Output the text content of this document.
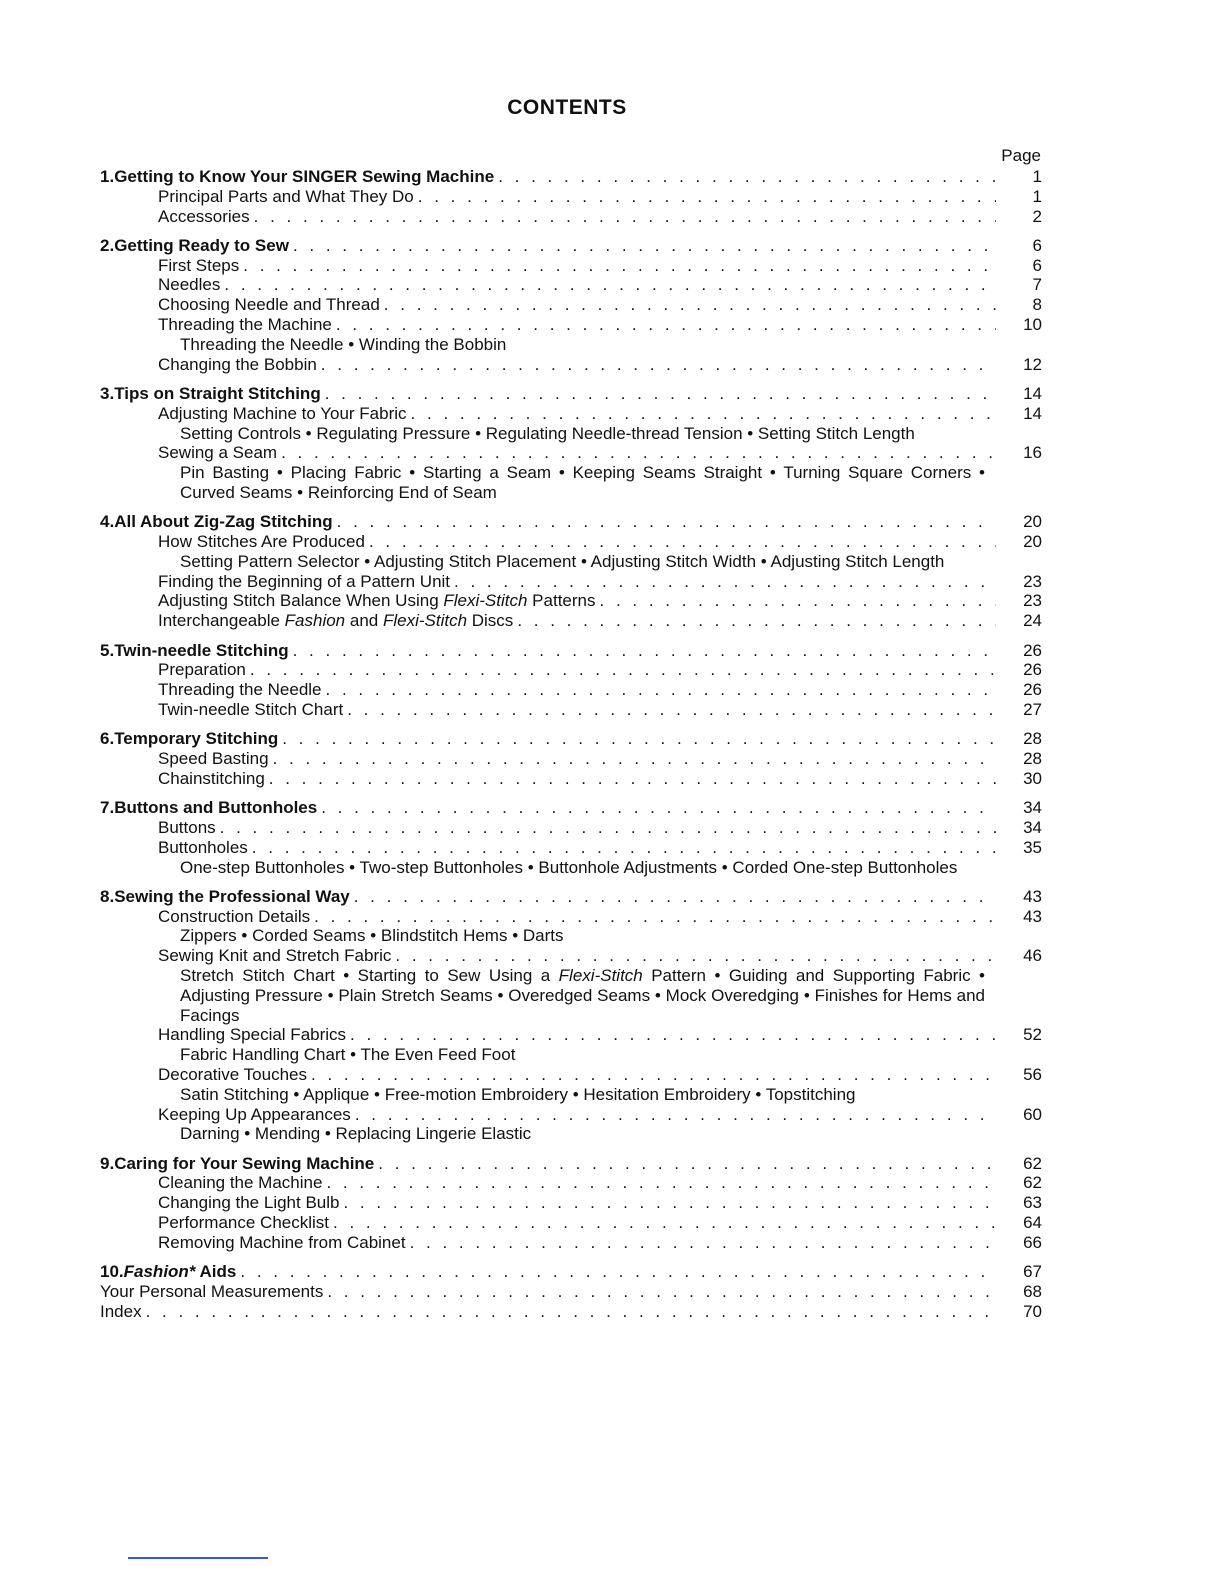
CONTENTS
Page
1. Getting to Know Your SINGER Sewing Machine . . .	1
Principal Parts and What They Do . . .	1
Accessories . . .	2
2. Getting Ready to Sew . . .	6
First Steps . . .	6
Needles . . .	7
Choosing Needle and Thread . . .	8
Threading the Machine . . .	10
Threading the Needle • Winding the Bobbin
Changing the Bobbin . . .	12
3. Tips on Straight Stitching . . .	14
Adjusting Machine to Your Fabric . . .	14
Setting Controls • Regulating Pressure • Regulating Needle-thread Tension • Setting Stitch Length
Sewing a Seam . . .	16
Pin Basting • Placing Fabric • Starting a Seam • Keeping Seams Straight • Turning Square Corners • Curved Seams • Reinforcing End of Seam
4. All About Zig-Zag Stitching . . .	20
How Stitches Are Produced . . .	20
Setting Pattern Selector • Adjusting Stitch Placement • Adjusting Stitch Width • Adjusting Stitch Length
Finding the Beginning of a Pattern Unit . . .	23
Adjusting Stitch Balance When Using Flexi-Stitch Patterns . . .	23
Interchangeable Fashion and Flexi-Stitch Discs . . .	24
5. Twin-needle Stitching . . .	26
Preparation . . .	26
Threading the Needle . . .	26
Twin-needle Stitch Chart . . .	27
6. Temporary Stitching . . .	28
Speed Basting . . .	28
Chainstitching . . .	30
7. Buttons and Buttonholes . . .	34
Buttons . . .	34
Buttonholes . . .	35
One-step Buttonholes • Two-step Buttonholes • Buttonhole Adjustments • Corded One-step Buttonholes
8. Sewing the Professional Way . . .	43
Construction Details . . .	43
Zippers • Corded Seams • Blindstitch Hems • Darts
Sewing Knit and Stretch Fabric . . .	46
Stretch Stitch Chart • Starting to Sew Using a Flexi-Stitch Pattern • Guiding and Supporting Fabric • Adjusting Pressure • Plain Stretch Seams • Overedged Seams • Mock Overedging • Finishes for Hems and Facings
Handling Special Fabrics . . .	52
Fabric Handling Chart • The Even Feed Foot
Decorative Touches . . .	56
Satin Stitching • Applique • Free-motion Embroidery • Hesitation Embroidery • Topstitching
Keeping Up Appearances . . .	60
Darning • Mending • Replacing Lingerie Elastic
9. Caring for Your Sewing Machine . . .	62
Cleaning the Machine . . .	62
Changing the Light Bulb . . .	63
Performance Checklist . . .	64
Removing Machine from Cabinet . . .	66
10. Fashion* Aids . . .	67
Your Personal Measurements . . .	68
Index . . .	70
